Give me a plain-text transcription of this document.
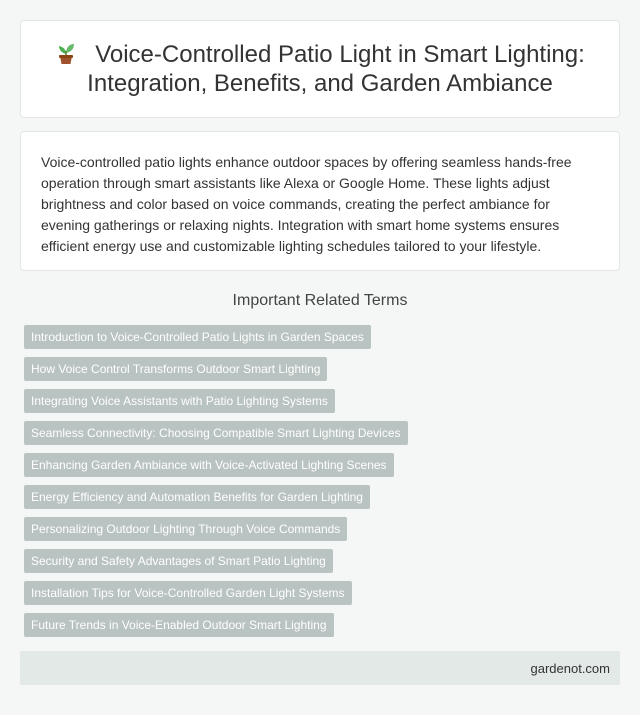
Voice-Controlled Patio Light in Smart Lighting: Integration, Benefits, and Garden Ambiance

Voice-controlled patio lights enhance outdoor spaces by offering seamless hands-free operation through smart assistants like Alexa or Google Home. These lights adjust brightness and color based on voice commands, creating the perfect ambiance for evening gatherings or relaxing nights. Integration with smart home systems ensures efficient energy use and customizable lighting schedules tailored to your lifestyle.

Important Related Terms
Introduction to Voice-Controlled Patio Lights in Garden Spaces
How Voice Control Transforms Outdoor Smart Lighting
Integrating Voice Assistants with Patio Lighting Systems
Seamless Connectivity: Choosing Compatible Smart Lighting Devices
Enhancing Garden Ambiance with Voice-Activated Lighting Scenes
Energy Efficiency and Automation Benefits for Garden Lighting
Personalizing Outdoor Lighting Through Voice Commands
Security and Safety Advantages of Smart Patio Lighting
Installation Tips for Voice-Controlled Garden Light Systems
Future Trends in Voice-Enabled Outdoor Smart Lighting
gardenot.com
